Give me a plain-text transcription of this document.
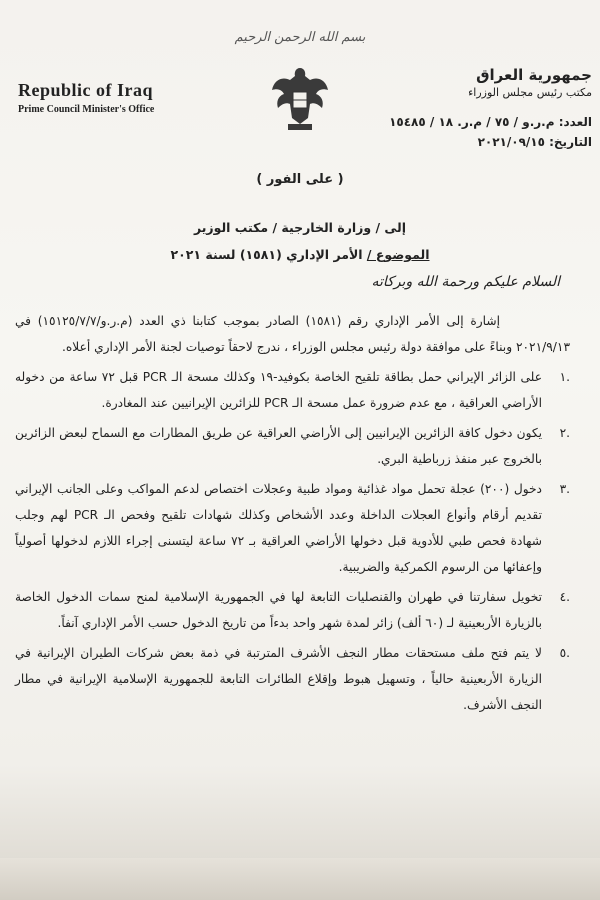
بسم الله الرحمن الرحيم
Republic of Iraq
Prime Council Minister's Office
جمهورية العراق
مكتب رئيس مجلس الوزراء
العدد: م.ر.و / ٧٥ / م.ر. ١٨ / ١٥٤٨٥
التاريخ: ٢٠٢١/٠٩/١٥
( على الفور )
إلى / وزارة الخارجية / مكتب الوزير
الموضوع / الأمر الإداري (١٥٨١) لسنة ٢٠٢١
السلام عليكم ورحمة الله وبركاته
إشارة إلى الأمر الإداري رقم (١٥٨١) الصادر بموجب كتابنا ذي العدد (م.ر.و/١٥١٢٥/٧/٧) في ٢٠٢١/٩/١٣ وبناءً على موافقة دولة رئيس مجلس الوزراء ، ندرج لاحقاً توصيات لجنة الأمر الإداري أعلاه.
.١على الزائر الإيراني حمل بطاقة تلقيح الخاصة بكوفيد-١٩ وكذلك مسحة الـ PCR قبل ٧٢ ساعة من دخوله الأراضي العراقية ، مع عدم ضرورة عمل مسحة الـ PCR للزائرين الإيرانيين عند المغادرة.
.٢يكون دخول كافة الزائرين الإيرانيين إلى الأراضي العراقية عن طريق المطارات مع السماح لبعض الزائرين بالخروج عبر منفذ زرباطية البري.
.٣دخول (٢٠٠) عجلة تحمل مواد غذائية ومواد طبية وعجلات اختصاص لدعم المواكب وعلى الجانب الإيراني تقديم أرقام وأنواع العجلات الداخلة وعدد الأشخاص وكذلك شهادات تلقيح وفحص الـ PCR لهم وجلب شهادة فحص طبي للأدوية قبل دخولها الأراضي العراقية بـ ٧٢ ساعة ليتسنى إجراء اللازم لدخولها أصولياً وإعفائها من الرسوم الكمركية والضريبية.
.٤تخويل سفارتنا في طهران والقنصليات التابعة لها في الجمهورية الإسلامية لمنح سمات الدخول الخاصة بالزيارة الأربعينية لـ (٦٠ ألف) زائر لمدة شهر واحد بدءاً من تاريخ الدخول حسب الأمر الإداري آنفاً.
.٥لا يتم فتح ملف مستحقات مطار النجف الأشرف المترتبة في ذمة بعض شركات الطيران الإيرانية في الزيارة الأربعينية حالياً ، وتسهيل هبوط وإقلاع الطائرات التابعة للجمهورية الإسلامية الإيرانية في مطار النجف الأشرف.
